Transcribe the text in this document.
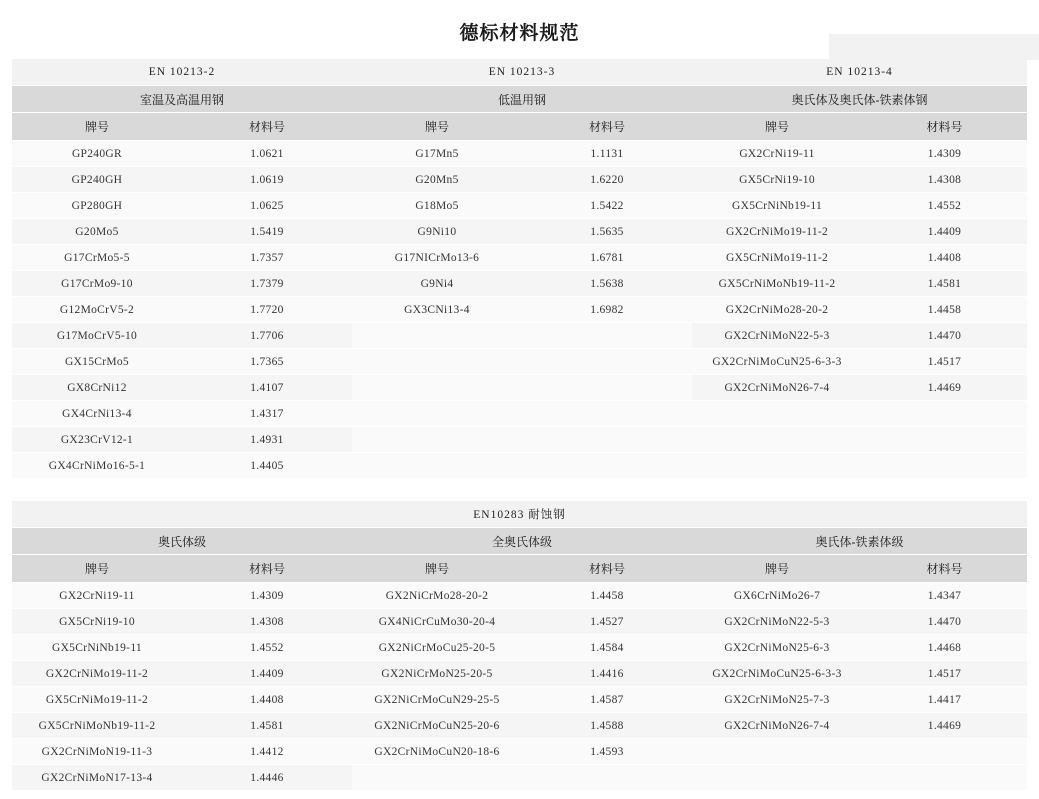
德标材料规范
EN 10213-2		EN 10213-3		EN 10213-4	
室温及高温用钢		低温用钢		奥氏体及奥氏体-铁素体钢	
牌号	材料号	牌号	材料号	牌号	材料号
GP240GR	1.0621	G17Mn5	1.1131	GX2CrNi19-11	1.4309
GP240GH	1.0619	G20Mn5	1.6220	GX5CrNi19-10	1.4308
GP280GH	1.0625	G18Mo5	1.5422	GX5CrNiNb19-11	1.4552
G20Mo5	1.5419	G9Ni10	1.5635	GX2CrNiMo19-11-2	1.4409
G17CrMo5-5	1.7357	G17NICrMo13-6	1.6781	GX5CrNiMo19-11-2	1.4408
G17CrMo9-10	1.7379	G9Ni4	1.5638	GX5CrNiMoNb19-11-2	1.4581
G12MoCrV5-2	1.7720	GX3CNi13-4	1.6982	GX2CrNiMo28-20-2	1.4458
G17MoCrV5-10	1.7706			GX2CrNiMoN22-5-3	1.4470
GX15CrMo5	1.7365			GX2CrNiMoCuN25-6-3-3	1.4517
GX8CrNi12	1.4107			GX2CrNiMoN26-7-4	1.4469
GX4CrNi13-4	1.4317				
GX23CrV12-1	1.4931				
GX4CrNiMo16-5-1	1.4405				
EN10283 耐蚀钢					
奥氏体级		全奥氏体级		奥氏体-铁素体级	
牌号	材料号	牌号	材料号	牌号	材料号
GX2CrNi19-11	1.4309	GX2NiCrMo28-20-2	1.4458	GX6CrNiMo26-7	1.4347
GX5CrNi19-10	1.4308	GX4NiCrCuMo30-20-4	1.4527	GX2CrNiMoN22-5-3	1.4470
GX5CrNiNb19-11	1.4552	GX2NiCrMoCu25-20-5	1.4584	GX2CrNiMoN25-6-3	1.4468
GX2CrNiMo19-11-2	1.4409	GX2NiCrMoN25-20-5	1.4416	GX2CrNiMoCuN25-6-3-3	1.4517
GX5CrNiMo19-11-2	1.4408	GX2NiCrMoCuN29-25-5	1.4587	GX2CrNiMoN25-7-3	1.4417
GX5CrNiMoNb19-11-2	1.4581	GX2NiCrMoCuN25-20-6	1.4588	GX2CrNiMoN26-7-4	1.4469
GX2CrNiMoN19-11-3	1.4412	GX2CrNiMoCuN20-18-6	1.4593		
GX2CrNiMoN17-13-4	1.4446				
